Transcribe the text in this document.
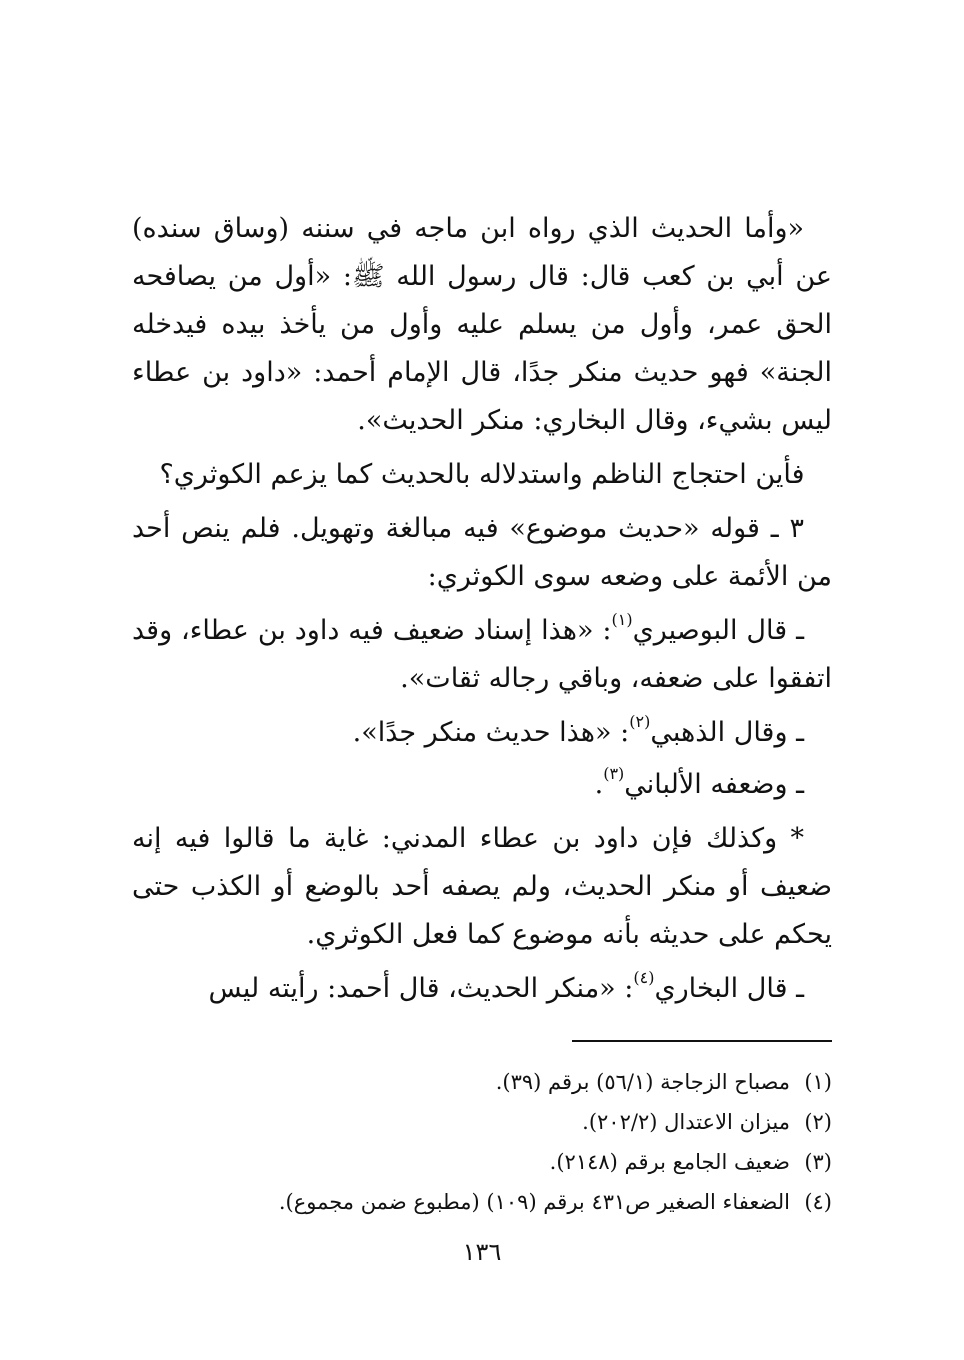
«وأما الحديث الذي رواه ابن ماجه في سننه (وساق سنده) عن أبي بن كعب قال: قال رسول الله ﷺ: «أول من يصافحه الحق عمر، وأول من يسلم عليه وأول من يأخذ بيده فيدخله الجنة» فهو حديث منكر جدًا، قال الإمام أحمد: «داود بن عطاء ليس بشيء، وقال البخاري: منكر الحديث».

فأين احتجاج الناظم واستدلاله بالحديث كما يزعم الكوثري؟

٣ ـ قوله «حديث موضوع» فيه مبالغة وتهويل. فلم ينص أحد من الأئمة على وضعه سوى الكوثري:

ـ قال البوصيري$^{(١)}$: «هذا إسناد ضعيف فيه داود بن عطاء، وقد اتفقوا على ضعفه، وباقي رجاله ثقات».

ـ وقال الذهبي$^{(٢)}$: «هذا حديث منكر جدًا».

ـ وضعفه الألباني$^{(٣)}$.

* وكذلك فإن داود بن عطاء المدني: غاية ما قالوا فيه إنه ضعيف أو منكر الحديث، ولم يصفه أحد بالوضع أو الكذب حتى يحكم على حديثه بأنه موضوع كما فعل الكوثري.

ـ قال البخاري$^{(٤)}$: «منكر الحديث، قال أحمد: رأيته ليس

(١)
مصباح الزجاجة (٥٦/١) برقم (٣٩).
(٢)
ميزان الاعتدال (٢٠٢/٢).
(٣)
ضعيف الجامع برقم (٢١٤٨).
(٤)
الضعفاء الصغير ص٤٣١ برقم (١٠٩) (مطبوع ضمن مجموع).
١٣٦
